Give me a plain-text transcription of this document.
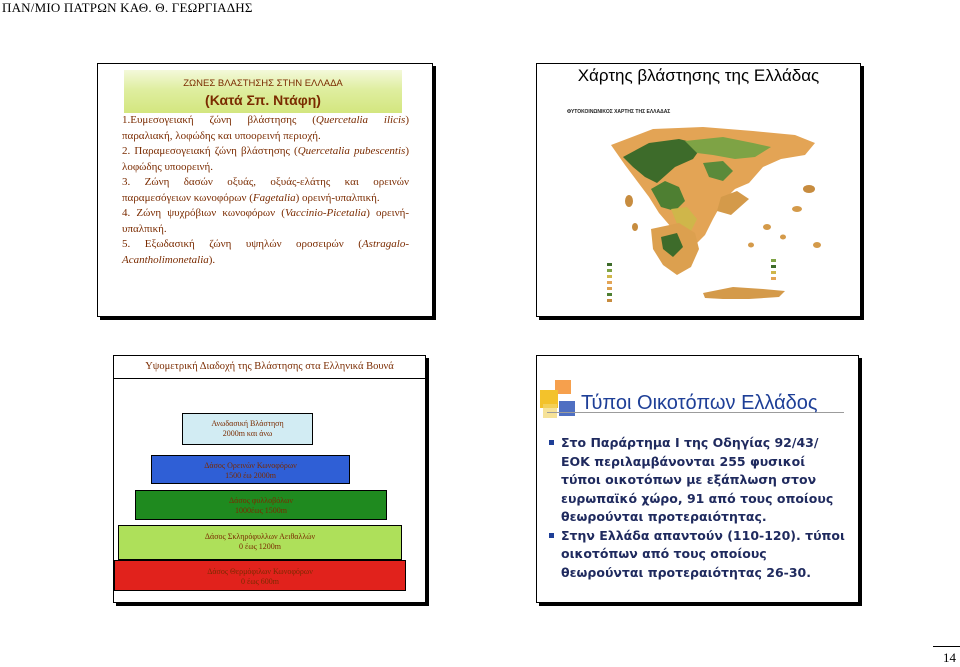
ΠΑΝ/ΜΙΟ ΠΑΤΡΩΝ ΚΑΘ. Θ. ΓΕΩΡΓΙΑΔΗΣ
ΖΩΝΕΣ ΒΛΑΣΤΗΣΗΣ ΣΤΗΝ ΕΛΛΑΔΑ
(Κατά Σπ. Ντάφη)

1.Ευμεσογειακή ζώνη βλάστησης (Quercetalia ilicis) παραλιακή, λοφώδης και υποορεινή περιοχή.

2. Παραμεσογειακή ζώνη βλάστησης (Quercetalia pubescentis) λοφώδης υποορεινή.

3. Ζώνη δασών οξυάς, οξυάς-ελάτης και ορεινών παραμεσόγειων κωνοφόρων (Fagetalia) ορεινή-υπαλπική.

4. Ζώνη ψυχρόβιων κωνοφόρων (Vaccinio-Picetalia) ορεινή-υπαλπική.

5. Εξωδασική ζώνη υψηλών οροσειρών (Astragalo-Acantholimonetalia).

Χάρτης βλάστησης της Ελλάδας
ΦΥΤΟΚΟΙΝΩΝΙΚΟΣ ΧΑΡΤΗΣ ΤΗΣ ΕΛΛΑΔΑΣ
Υψομετρική Διαδοχή της Βλάστησης στα Ελληνικά Βουνά
Ανωδασική Βλάστηση
2000m και άνω
Δάσος Ορεινών Κωνοφόρων
1500 έω 2000m
Δάσος φυλλοβόλων
1000έως 1500m
Δάσος Σκληρόφυλλων Αειθαλλών
0 έως 1200m
Δάσος Θερμόφιλων Κωνοφόρων
0 έως 600m
Τύποι Οικοτόπων Ελλάδος
Στο Παράρτημα Ι της Οδηγίας 92/43/ΕΟΚ περιλαμβάνονται 255 φυσικοί τύποι οικοτόπων με εξάπλωση στον ευρωπαϊκό χώρο, 91 από τους οποίους θεωρούνται προτεραιότητας.
Στην Ελλάδα απαντούν (110-120). τύποι οικοτόπων από τους οποίους θεωρούνται προτεραιότητας 26-30.
14
